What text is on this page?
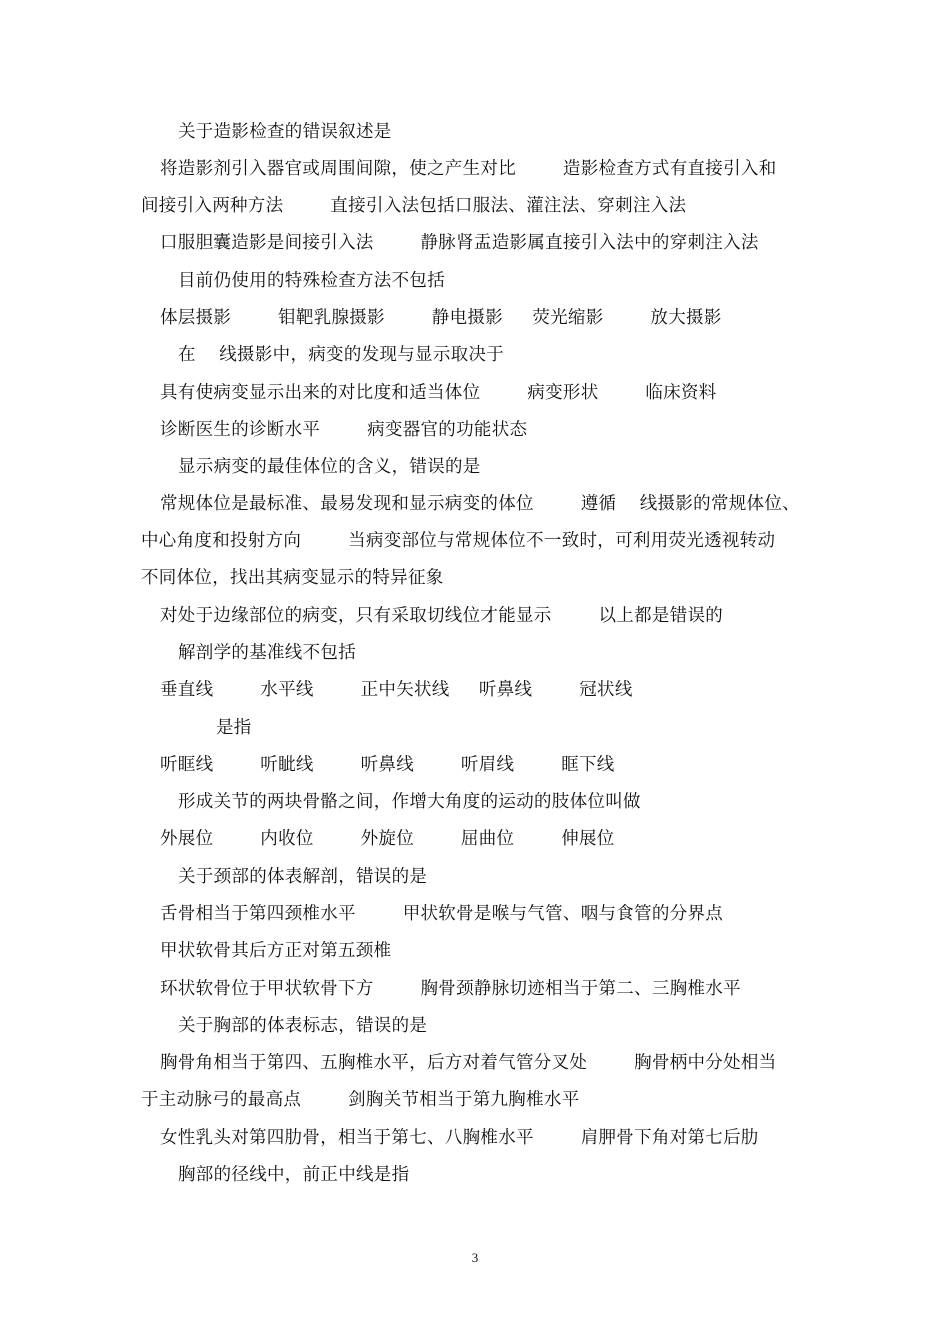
关于造影检查的错误叙述是
将造影剂引入器官或周围间隙，使之产生对比        造影检查方式有直接引入和
间接引入两种方法        直接引入法包括口服法、灌注法、穿刺注入法
口服胆囊造影是间接引入法        静脉肾盂造影属直接引入法中的穿刺注入法
目前仍使用的特殊检查方法不包括
体层摄影        钼靶乳腺摄影        静电摄影     荧光缩影        放大摄影
在    线摄影中，病变的发现与显示取决于
具有使病变显示出来的对比度和适当体位        病变形状        临床资料
诊断医生的诊断水平        病变器官的功能状态
显示病变的最佳体位的含义，错误的是
常规体位是最标准、最易发现和显示病变的体位        遵循    线摄影的常规体位、
中心角度和投射方向        当病变部位与常规体位不一致时，可利用荧光透视转动
不同体位，找出其病变显示的特异征象
对处于边缘部位的病变，只有采取切线位才能显示        以上都是错误的
解剖学的基准线不包括
垂直线        水平线        正中矢状线     听鼻线        冠状线
是指
听眶线        听眦线        听鼻线        听眉线        眶下线
形成关节的两块骨骼之间，作增大角度的运动的肢体位叫做
外展位        内收位        外旋位        屈曲位        伸展位
关于颈部的体表解剖，错误的是
舌骨相当于第四颈椎水平        甲状软骨是喉与气管、咽与食管的分界点
甲状软骨其后方正对第五颈椎
环状软骨位于甲状软骨下方        胸骨颈静脉切迹相当于第二、三胸椎水平
关于胸部的体表标志，错误的是
胸骨角相当于第四、五胸椎水平，后方对着气管分叉处        胸骨柄中分处相当
于主动脉弓的最高点        剑胸关节相当于第九胸椎水平
女性乳头对第四肋骨，相当于第七、八胸椎水平        肩胛骨下角对第七后肋
胸部的径线中，前正中线是指
3
